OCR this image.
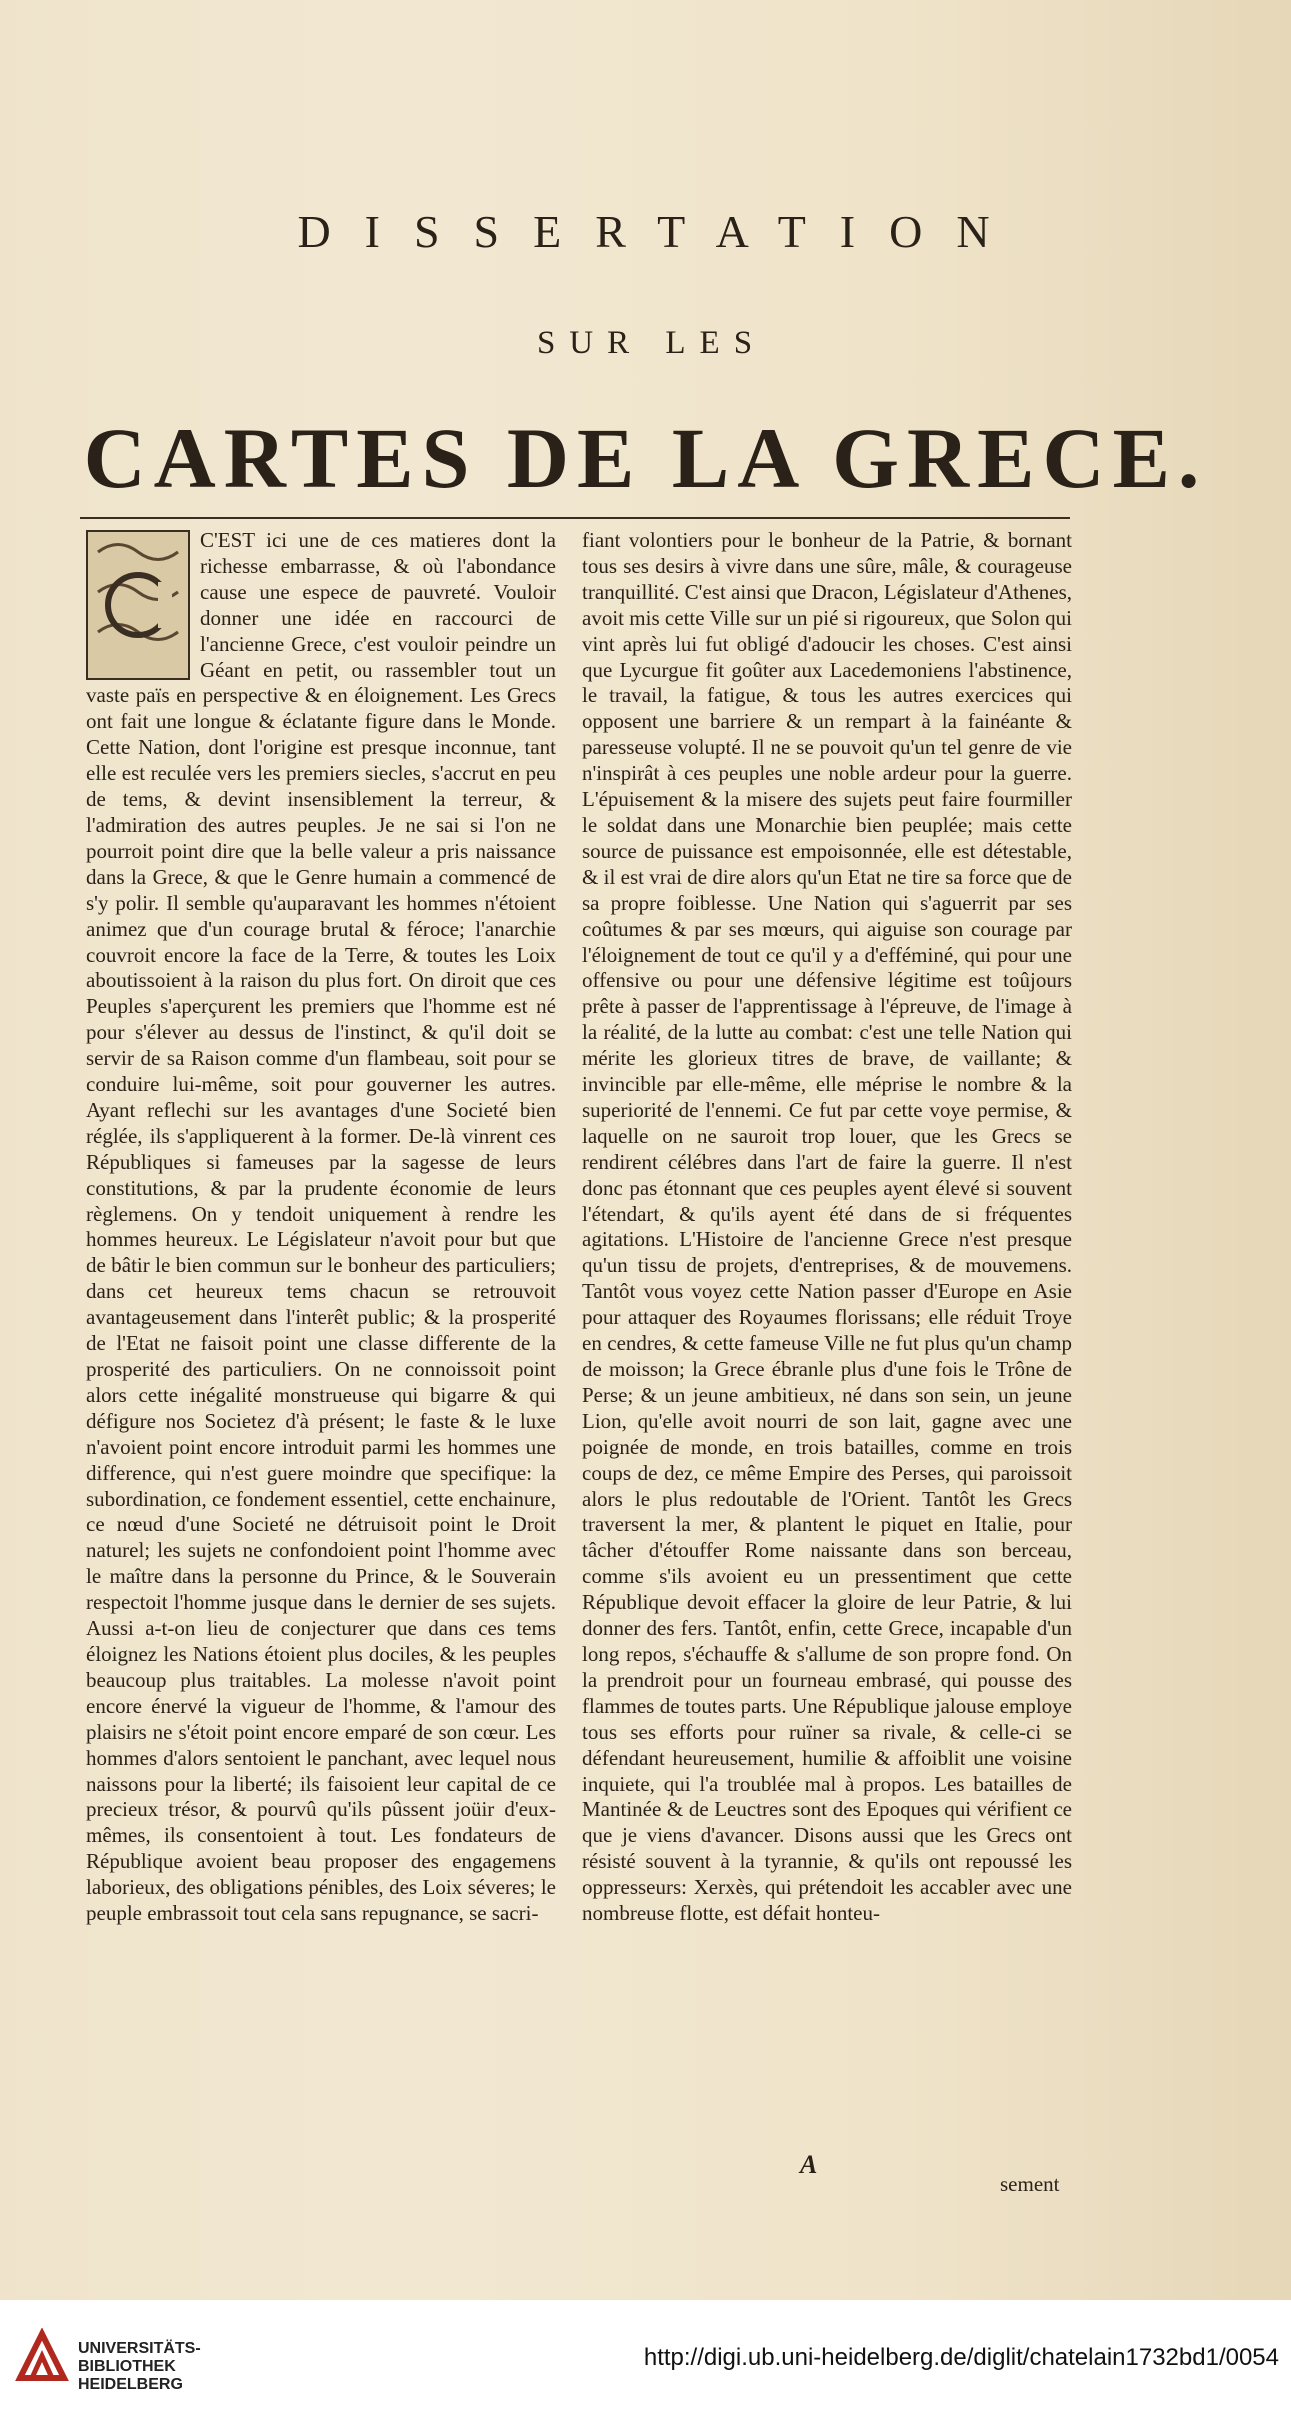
DISSERTATION
SUR LES
CARTES DE LA GRECE.
C'EST ici une de ces matieres dont la richesse embarrasse, & où l'abondance cause une espece de pauvreté. Vouloir donner une idée en raccourci de l'ancienne Grece, c'est vouloir peindre un Géant en petit, ou rassembler tout un vaste païs en perspective & en éloignement. Les Grecs ont fait une longue & éclatante figure dans le Monde. Cette Nation, dont l'origine est presque inconnue, tant elle est reculée vers les premiers siecles, s'accrut en peu de tems, & devint insensiblement la terreur, & l'admiration des autres peuples. Je ne sai si l'on ne pourroit point dire que la belle valeur a pris naissance dans la Grece, & que le Genre humain a commencé de s'y polir. Il semble qu'auparavant les hommes n'étoient animez que d'un courage brutal & féroce; l'anarchie couvroit encore la face de la Terre, & toutes les Loix aboutissoient à la raison du plus fort. On diroit que ces Peuples s'aperçurent les premiers que l'homme est né pour s'élever au dessus de l'instinct, & qu'il doit se servir de sa Raison comme d'un flambeau, soit pour se conduire lui-même, soit pour gouverner les autres. Ayant reflechi sur les avantages d'une Societé bien réglée, ils s'appliquerent à la former. De-là vinrent ces Républiques si fameuses par la sagesse de leurs constitutions, & par la prudente économie de leurs règlemens. On y tendoit uniquement à rendre les hommes heureux. Le Législateur n'avoit pour but que de bâtir le bien commun sur le bonheur des particuliers; dans cet heureux tems chacun se retrouvoit avantageusement dans l'interêt public; & la prosperité de l'Etat ne faisoit point une classe differente de la prosperité des particuliers. On ne connoissoit point alors cette inégalité monstrueuse qui bigarre & qui défigure nos Societez d'à présent; le faste & le luxe n'avoient point encore introduit parmi les hommes une difference, qui n'est guere moindre que specifique: la subordination, ce fondement essentiel, cette enchainure, ce nœud d'une Societé ne détruisoit point le Droit naturel; les sujets ne confondoient point l'homme avec le maître dans la personne du Prince, & le Souverain respectoit l'homme jusque dans le dernier de ses sujets. Aussi a-t-on lieu de conjecturer que dans ces tems éloignez les Nations étoient plus dociles, & les peuples beaucoup plus traitables. La molesse n'avoit point encore énervé la vigueur de l'homme, & l'amour des plaisirs ne s'étoit point encore emparé de son cœur. Les hommes d'alors sentoient le panchant, avec lequel nous naissons pour la liberté; ils faisoient leur capital de ce precieux trésor, & pourvû qu'ils pûssent joüir d'eux-mêmes, ils consentoient à tout. Les fondateurs de République avoient beau proposer des engagemens laborieux, des obligations pénibles, des Loix séveres; le peuple embrassoit tout cela sans repugnance, se sacri-
fiant volontiers pour le bonheur de la Patrie, & bornant tous ses desirs à vivre dans une sûre, mâle, & courageuse tranquillité. C'est ainsi que Dracon, Législateur d'Athenes, avoit mis cette Ville sur un pié si rigoureux, que Solon qui vint après lui fut obligé d'adoucir les choses. C'est ainsi que Lycurgue fit goûter aux Lacedemoniens l'abstinence, le travail, la fatigue, & tous les autres exercices qui opposent une barriere & un rempart à la fainéante & paresseuse volupté. Il ne se pouvoit qu'un tel genre de vie n'inspirât à ces peuples une noble ardeur pour la guerre. L'épuisement & la misere des sujets peut faire fourmiller le soldat dans une Monarchie bien peuplée; mais cette source de puissance est empoisonnée, elle est détestable, & il est vrai de dire alors qu'un Etat ne tire sa force que de sa propre foiblesse. Une Nation qui s'aguerrit par ses coûtumes & par ses mœurs, qui aiguise son courage par l'éloignement de tout ce qu'il y a d'efféminé, qui pour une offensive ou pour une défensive légitime est toûjours prête à passer de l'apprentissage à l'épreuve, de l'image à la réalité, de la lutte au combat: c'est une telle Nation qui mérite les glorieux titres de brave, de vaillante; & invincible par elle-même, elle méprise le nombre & la superiorité de l'ennemi. Ce fut par cette voye permise, & laquelle on ne sauroit trop louer, que les Grecs se rendirent célébres dans l'art de faire la guerre. Il n'est donc pas étonnant que ces peuples ayent élevé si souvent l'étendart, & qu'ils ayent été dans de si fréquentes agitations. L'Histoire de l'ancienne Grece n'est presque qu'un tissu de projets, d'entreprises, & de mouvemens. Tantôt vous voyez cette Nation passer d'Europe en Asie pour attaquer des Royaumes florissans; elle réduit Troye en cendres, & cette fameuse Ville ne fut plus qu'un champ de moisson; la Grece ébranle plus d'une fois le Trône de Perse; & un jeune ambitieux, né dans son sein, un jeune Lion, qu'elle avoit nourri de son lait, gagne avec une poignée de monde, en trois batailles, comme en trois coups de dez, ce même Empire des Perses, qui paroissoit alors le plus redoutable de l'Orient. Tantôt les Grecs traversent la mer, & plantent le piquet en Italie, pour tâcher d'étouffer Rome naissante dans son berceau, comme s'ils avoient eu un pressentiment que cette République devoit effacer la gloire de leur Patrie, & lui donner des fers. Tantôt, enfin, cette Grece, incapable d'un long repos, s'échauffe & s'allume de son propre fond. On la prendroit pour un fourneau embrasé, qui pousse des flammes de toutes parts. Une République jalouse employe tous ses efforts pour ruïner sa rivale, & celle-ci se défendant heureusement, humilie & affoiblit une voisine inquiete, qui l'a troublée mal à propos. Les batailles de Mantinée & de Leuctres sont des Epoques qui vérifient ce que je viens d'avancer. Disons aussi que les Grecs ont résisté souvent à la tyrannie, & qu'ils ont repoussé les oppresseurs: Xerxès, qui prétendoit les accabler avec une nombreuse flotte, est défait honteu-
A
sement
UNIVERSITÄTS-
BIBLIOTHEK
HEIDELBERG
http://digi.ub.uni-heidelberg.de/diglit/chatelain1732bd1/0054
